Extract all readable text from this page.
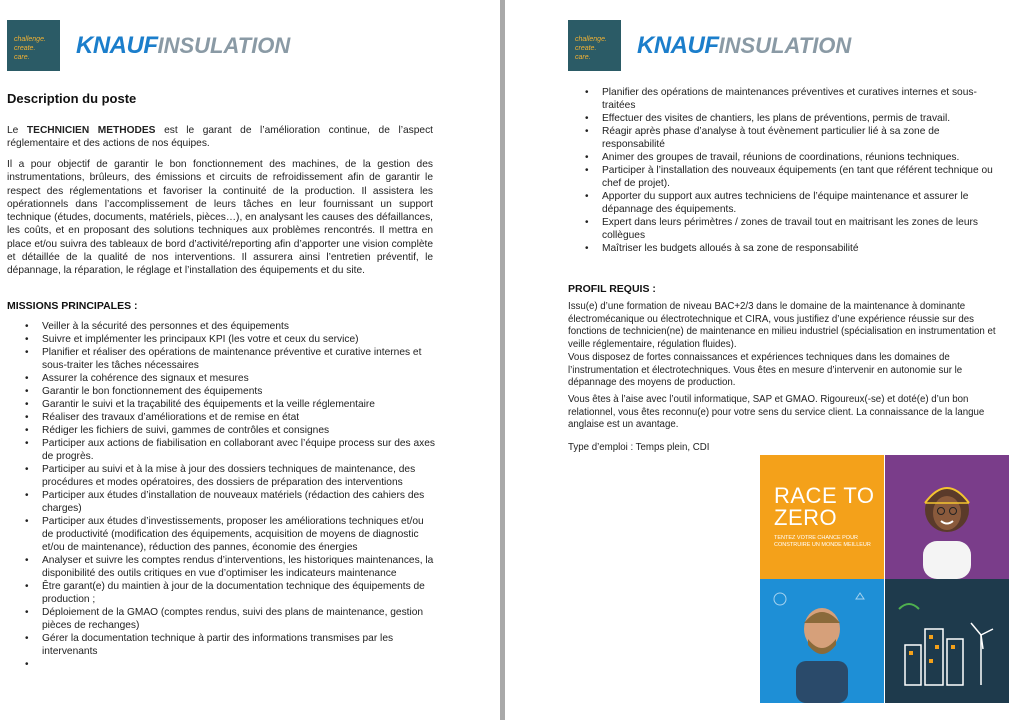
challenge.
create.
care.	KNAUFINSULATION
Description du poste
Le TECHNICIEN METHODES est le garant de l’amélioration continue, de l’aspect réglementaire et des actions de nos équipes.
Il a pour objectif de garantir le bon fonctionnement des machines, de la gestion des instrumentations, brûleurs, des émissions et circuits de refroidissement afin de garantir le respect des réglementations et favoriser la continuité de la production. Il assistera les opérationnels dans l’accomplissement de leurs tâches en leur fournissant un support technique (études, documents, matériels, pièces…), en analysant les causes des défaillances, les coûts, et en proposant des solutions techniques aux problèmes rencontrés. Il mettra en place et/ou suivra des tableaux de bord d’activité/reporting afin d’apporter une vision complète et détaillée de la qualité de nos interventions. Il assurera ainsi l’entretien préventif, le dépannage, la réparation, le réglage et l’installation des équipements et du site.
MISSIONS PRINCIPALES :
• Veiller à la sécurité des personnes et des équipements
• Suivre et implémenter les principaux KPI (les votre et ceux du service)
• Planifier et réaliser des opérations de maintenance préventive et curative internes et sous-traiter les tâches nécessaires
• Assurer la cohérence des signaux et mesures
• Garantir le bon fonctionnement des équipements
• Garantir le suivi et la traçabilité des équipements et la veille réglementaire
• Réaliser des travaux d’améliorations et de remise en état
• Rédiger les fichiers de suivi, gammes de contrôles et consignes
• Participer aux actions de fiabilisation en collaborant avec l’équipe process sur des axes de progrès.
• Participer au suivi et à la mise à jour des dossiers techniques de maintenance, des procédures et modes opératoires, des dossiers de préparation des interventions
• Participer aux études d’installation de nouveaux matériels (rédaction des cahiers des charges)
• Participer aux études d’investissements, proposer les améliorations techniques et/ou de productivité (modification des équipements, acquisition de moyens de diagnostic et/ou de maintenance), réduction des pannes, économie des énergies
• Analyser et suivre les comptes rendus d’interventions, les historiques maintenances, la disponibilité des outils critiques en vue d’optimiser les indicateurs maintenance
• Être garant(e) du maintien à jour de la documentation technique des équipements de production ;
• Déploiement de la GMAO (comptes rendus, suivi des plans de maintenance, gestion pièces de rechanges)
• Gérer la documentation technique à partir des informations transmises par les intervenants
challenge.
create.
care.	KNAUFINSULATION
• Planifier des opérations de maintenances préventives et curatives internes et sous-traitées
• Effectuer des visites de chantiers, les plans de préventions, permis de travail.
• Réagir après phase d’analyse à tout évènement particulier lié à sa zone de responsabilité
• Animer des groupes de travail, réunions de coordinations, réunions techniques.
• Participer à l’installation des nouveaux équipements (en tant que référent technique ou chef de projet).
• Apporter du support aux autres techniciens de l’équipe maintenance et assurer le dépannage des équipements.
• Expert dans leurs périmètres / zones de travail tout en maitrisant les zones de leurs collègues
• Maîtriser les budgets alloués à sa zone de responsabilité
PROFIL REQUIS :
Issu(e) d’une formation de niveau BAC+2/3 dans le domaine de la maintenance à dominante électromécanique ou électrotechnique et CIRA, vous justifiez d’une expérience réussie sur des fonctions de technicien(ne) de maintenance en milieu industriel (spécialisation en instrumentation et veille réglementaire, régulation fluides).
Vous disposez de fortes connaissances et expériences techniques dans les domaines de l’instrumentation et électrotechniques. Vous êtes en mesure d’intervenir en autonomie sur le dépannage des moyens de production.
Vous êtes à l’aise avec l’outil informatique, SAP et GMAO. Rigoureux(-se) et doté(e) d’un bon relationnel, vous êtes reconnu(e) pour votre sens du service client. La connaissance de la langue anglaise est un avantage.
Type d’emploi : Temps plein, CDI
RACE TO
ZERO
TENTEZ VOTRE CHANCE POUR CONSTRUIRE UN MONDE MEILLEUR
